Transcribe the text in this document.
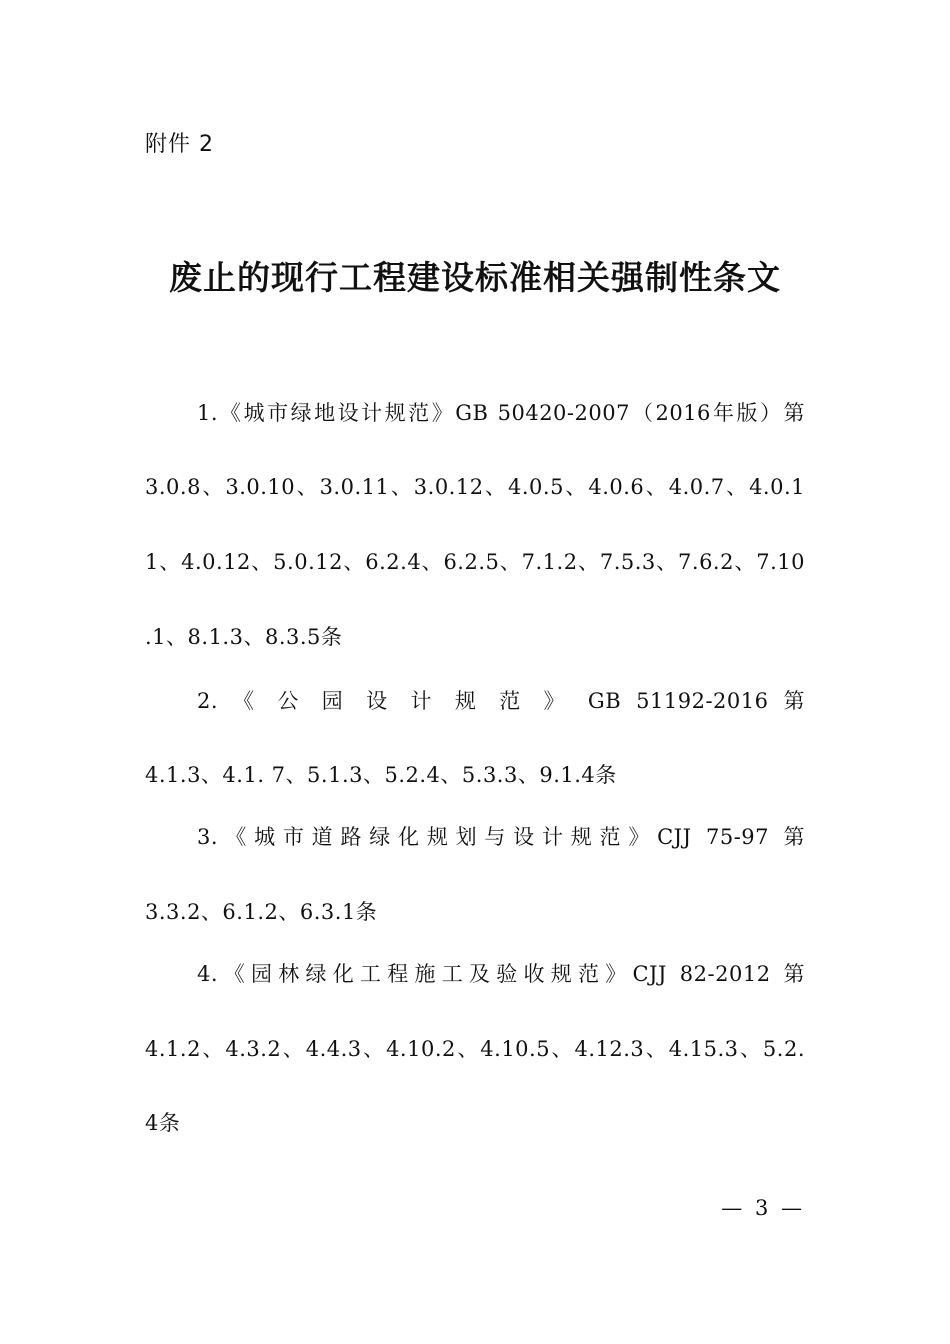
附件 2
废止的现行工程建设标准相关强制性条文
1.《城市绿地设计规范》GB 50420-2007（2016年版）第
3.0.8、3.0.10、3.0.11、3.0.12、4.0.5、4.0.6、4.0.7、4.0.1
1、4.0.12、5.0.12、6.2.4、6.2.5、7.1.2、7.5.3、7.6.2、7.10
.1、8.1.3、8.3.5条
2. 《 公 园 设 计 规 范 》 GB 51192-2016 第
4.1.3、4.1. 7、5.1.3、5.2.4、5.3.3、9.1.4条
3.《城市道路绿化规划与设计规范》CJJ 75-97 第
3.3.2、6.1.2、6.3.1条
4.《园林绿化工程施工及验收规范》CJJ 82-2012 第
4.1.2、4.3.2、4.4.3、4.10.2、4.10.5、4.12.3、4.15.3、5.2.
4条
— 3 —
